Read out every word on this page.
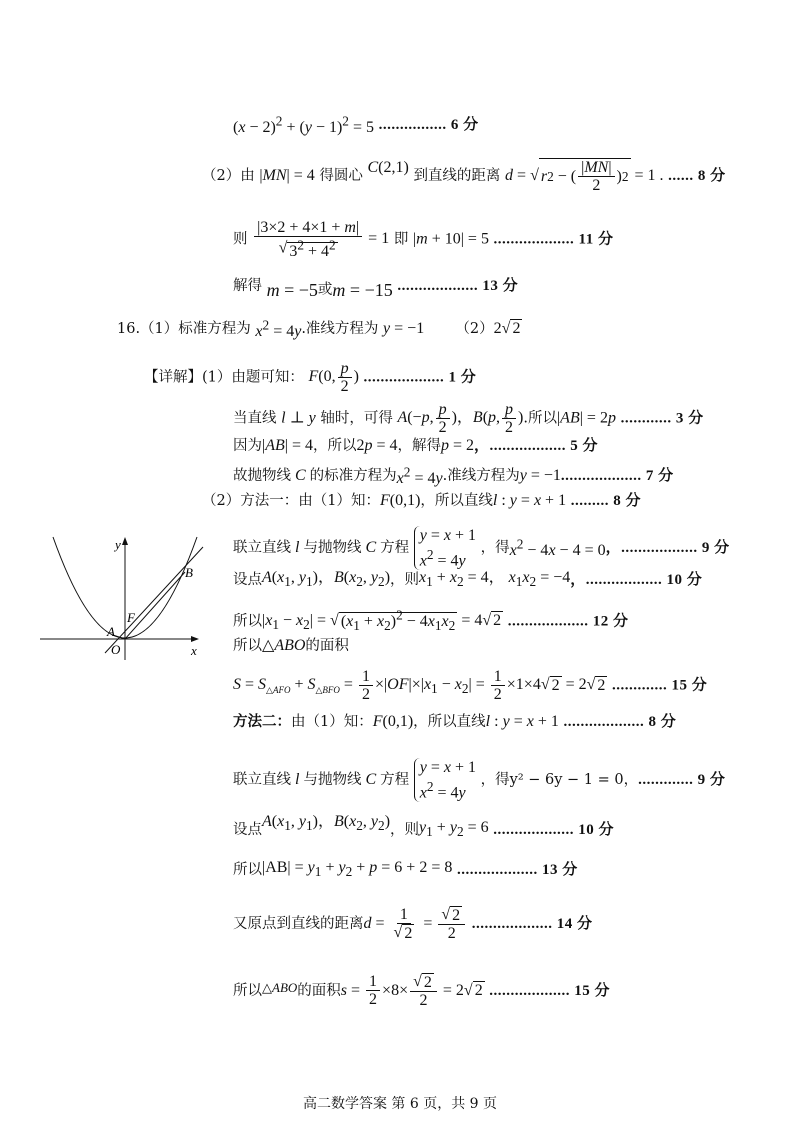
$(x - 2)^2 + (y - 1)^2 = 5$ ................ 6 分
（2）由 |MN| = 4 得圆心 C(2,1) 到直线的距离 d = √ r 2 − ( $\frac{|MN|}{2}$ ) 2 = 1 . ...... 8 分
则 $\frac{|3\times 2 + 4\times 1 + m|}{√ 3^2 + 4^2} = 1$ 即 |m + 10| = 5 ................... 11 分
解得 m = −5或m = −15 ................... 13 分
16.（1）标准方程为 $x^2 = 4y$.准线方程为 y = −1 （2）2√ 2
【详解】(1）由题可知： F(0, $\frac{p}{2}$ ) ................... 1 分
当直线 l ⊥ y 轴时，可得 A(−p, $\frac{p}{2}$ )，B(p, $\frac{p}{2}$ ).所以|AB| = 2p ............ 3 分
因为|AB| = 4，所以2p = 4，解得p = 2，.................. 5 分
故抛物线 C 的标准方程为$x^2 = 4y$.准线方程为y = −1................... 7 分
（2）方法一：由（1）知：F(0,1)，所以直线l : y = x + 1 ......... 8 分
y
x
B
F
A
O
联立直线 l 与抛物线 C 方程
y = x + 1
$x^2 = 4y$
，得$x^2 - 4x - 4 = 0$，.................. 9 分
设点$A(x_1$, $y_1$)，$B(x_2$, $y_2$)，则$x_1 + x_2 = 4$， $x_1x_2 = -4$，.................. 10 分
所以$|x_1 - x_2|$ = √ $(x_1 + x_2)^2 - 4x_1x_2 = 4√$ 2 ................... 12 分
所以△ABO的面积
$S = S_{\triangle AFO} + S_{\triangle BFO} = \frac{1}{2} \times|OF|\times|x_1 - x_2| = \frac{1}{2} \times 1\times 4√$ 2 = 2√ 2 ............. 15 分
方法二：由（1）知：F(0,1)，所以直线l : y = x + 1 ................... 8 分
联立直线 l 与抛物线 C 方程
y = x + 1
$x^2 = 4y$
，得y² − 6y − 1 = 0，............. 9 分
设点$A(x_1$, $y_1$)，$B(x_2$, $y_2$)，则$y_1 + y_2 = 6$ ................... 10 分
所以$|AB| = y_1 + y_2 + p = 6 + 2 = 8$ ................... 13 分
又原点到直线的距离$d = \frac{1}{√ 2} = \frac{√ 2}{2}$ ................... 14 分
所以△ABO的面积$s = \frac{1}{2} \times 8\times \frac{√ 2}{2} = 2√$ 2 ................... 15 分
高二数学答案 第 6 页，共 9 页
